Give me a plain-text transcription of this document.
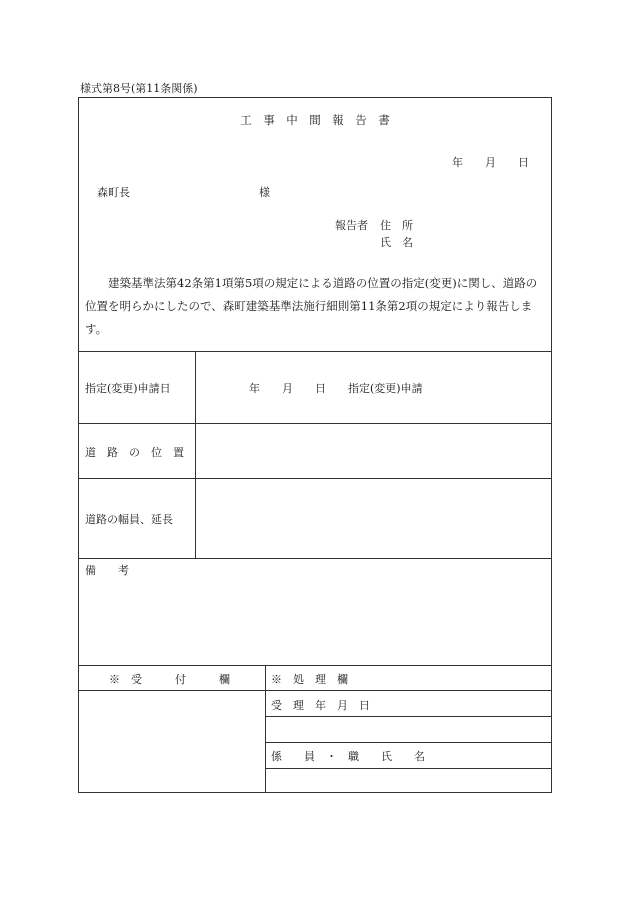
様式第8号(第11条関係)
工　事　中　間　報　告　書
年　　月　　日
森町長	様
報告者 住　所
氏　名
建築基準法第42条第1項第5項の規定による道路の位置の指定(変更)に関し、道路の位置を明らかにしたので、森町建築基準法施行細則第11条第2項の規定により報告します。
指定(変更)申請日	年　　月　　日　　指定(変更)申請
道　路　の　位　置
道路の幅員、延長
備　　考
※　受　　　付　　　欄	※　処　理　欄
受　理　年　月　日
係　　員　・　職　　氏　　名
